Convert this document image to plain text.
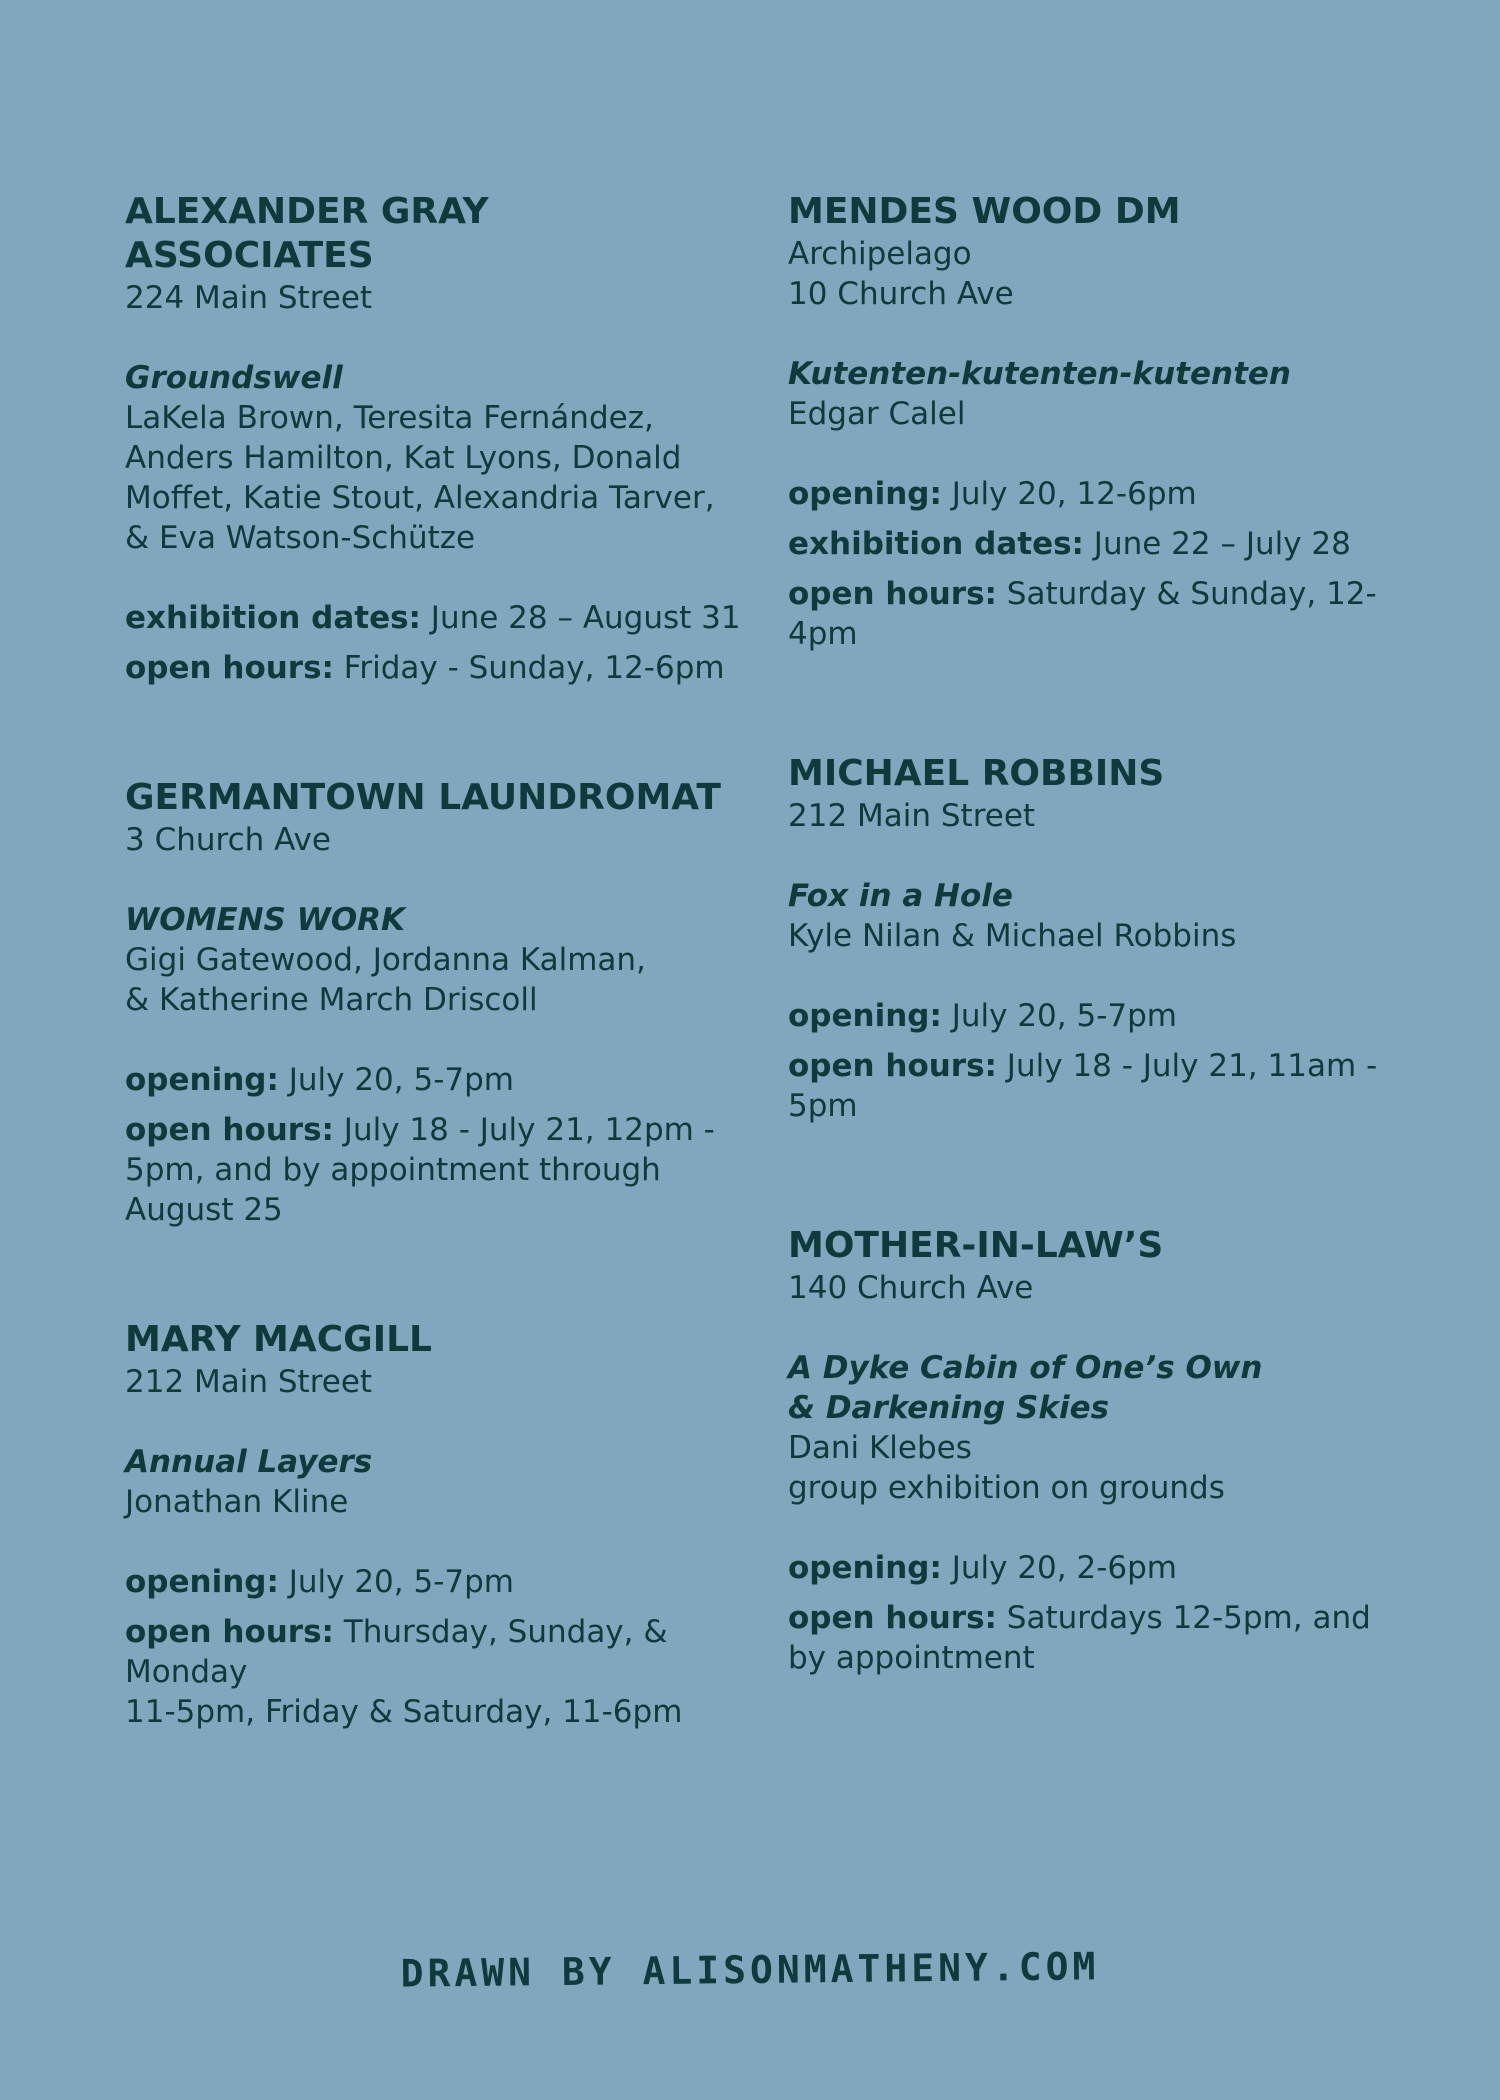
ALEXANDER GRAY ASSOCIATES

224 Main Street

Groundswell

LaKela Brown, Teresita Fernández,

Anders Hamilton, Kat Lyons, Donald

Moffet, Katie Stout, Alexandria Tarver,

& Eva Watson-Schütze

exhibition dates: June 28 – August 31

open hours: Friday - Sunday, 12-6pm

GERMANTOWN LAUNDROMAT

3 Church Ave

WOMENS WORK

Gigi Gatewood, Jordanna Kalman,

& Katherine March Driscoll

opening: July 20, 5-7pm

open hours: July 18 - July 21, 12pm -
5pm, and by appointment through
August 25

MARY MACGILL

212 Main Street

Annual Layers

Jonathan Kline

opening: July 20, 5-7pm

open hours: Thursday, Sunday, & Monday
11-5pm, Friday & Saturday, 11-6pm

MENDES WOOD DM

Archipelago

10 Church Ave

Kutenten-kutenten-kutenten

Edgar Calel

opening: July 20, 12-6pm

exhibition dates: June 22 – July 28

open hours: Saturday & Sunday, 12-4pm

MICHAEL ROBBINS

212 Main Street

Fox in a Hole

Kyle Nilan & Michael Robbins

opening: July 20, 5-7pm

open hours: July 18 - July 21, 11am - 5pm

MOTHER-IN-LAW’S

140 Church Ave

A Dyke Cabin of One’s Own
& Darkening Skies

Dani Klebes

group exhibition on grounds

opening: July 20, 2-6pm

open hours: Saturdays 12-5pm, and
by appointment

DRAWN BY ALISONMATHENY.COM
